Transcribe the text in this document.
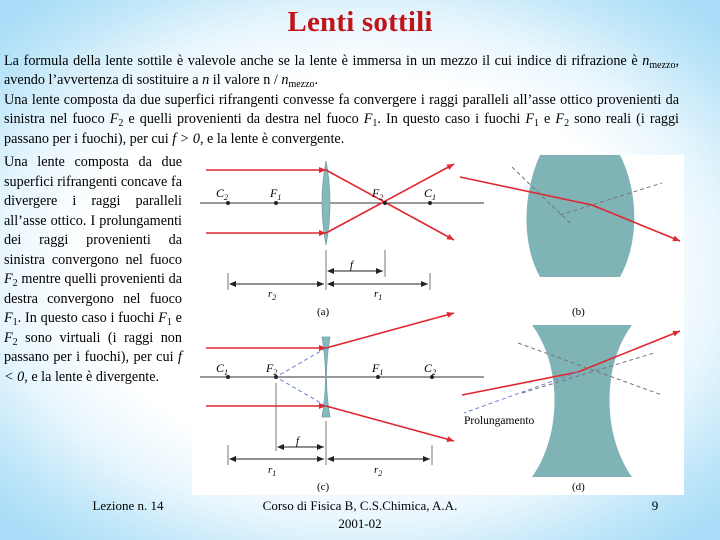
Lenti sottili
La formula della lente sottile è valevole anche se la lente è immersa in un mezzo il cui indice di rifrazione è $n_{mezzo}$, avendo l’avvertenza di sostituire a n il valore n / $n_{mezzo}$.
Una lente composta da due superfici rifrangenti convesse fa convergere i raggi paralleli all’asse ottico provenienti da sinistra nel fuoco $F_2$ e quelli provenienti da destra nel fuoco $F_1$. In questo caso i fuochi $F_1$ e $F_2$ sono reali (i raggi passano per i fuochi), per cui f > 0, e la lente è convergente.
Una lente composta da due superfici rifrangenti concave fa divergere i raggi paralleli all’asse ottico. I prolungamenti dei raggi provenienti da sinistra convergono nel fuoco $F_2$ mentre quelli provenienti da destra convergono nel fuoco $F_1$. In questo caso i fuochi $F_1$ e $F_2$ sono virtuali (i raggi non passano per i fuochi), per cui f < 0, e la lente è divergente.
$C_2$	$F_1$	$F_2$	$C_1$
f
$r_2$	$r_1$
(a)	(b)
$C_1$	$F_2$	$F_1$	$C_2$
f
$r_1$	$r_2$
(c)
Prolungamento
(d)
Lezione n. 14	Corso di Fisica B, C.S.Chimica, A.A.
2001-02
9
